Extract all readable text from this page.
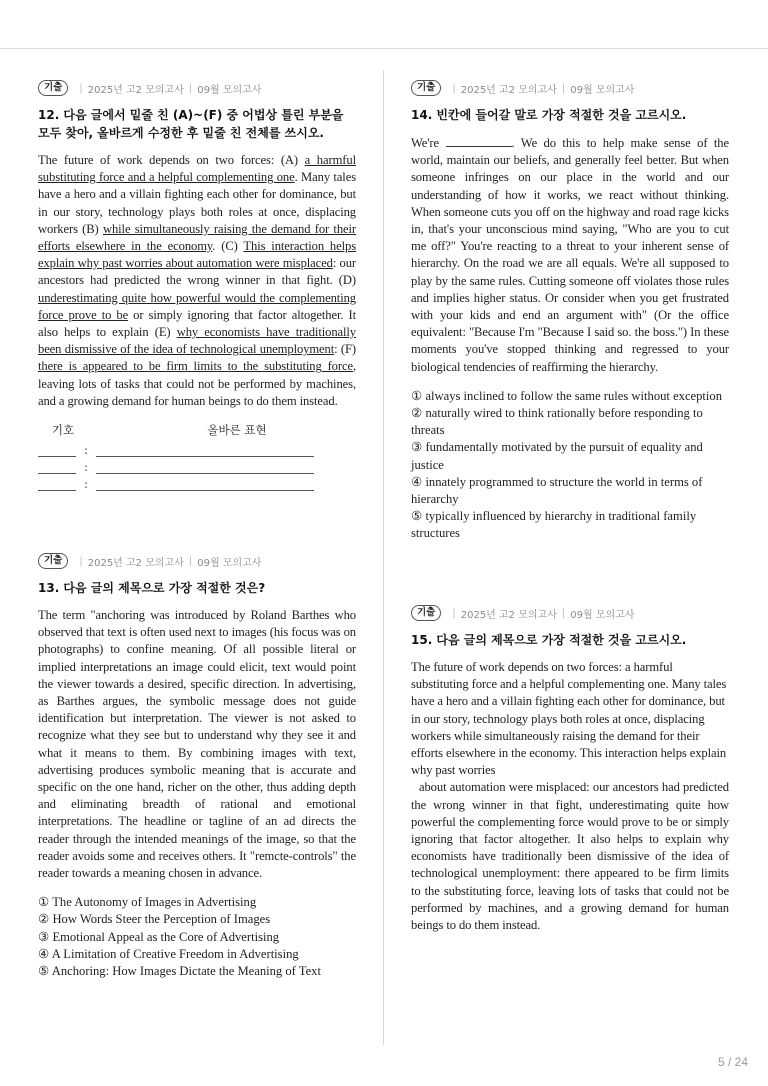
기출	| 2025년 고2 모의고사 | 09월 모의고사
12. 다음 글에서 밑줄 친 (A)~(F) 중 어법상 틀린 부분을 모두 찾아, 올바르게 수정한 후 밑줄 친 전체를 쓰시오.
The future of work depends on two forces: (A) a harmful substituting force and a helpful complementing one. Many tales have a hero and a villain fighting each other for dominance, but in our story, technology plays both roles at once, displacing workers (B) while simultaneously raising the demand for their efforts elsewhere in the economy. (C) This interaction helps explain why past worries about automation were misplaced: our ancestors had predicted the wrong winner in that fight. (D) underestimating quite how powerful would the complementing force prove to be or simply ignoring that factor altogether. It also helps to explain (E) why economists have traditionally been dismissive of the idea of technological unemployment: (F) there is appeared to be firm limits to the substituting force, leaving lots of tasks that could not be performed by machines, and a growing demand for human beings to do them instead.
기호	올바른 표현
:
:
:
기출	| 2025년 고2 모의고사 | 09월 모의고사
13. 다음 글의 제목으로 가장 적절한 것은?
The term "anchoring was introduced by Roland Barthes who observed that text is often used next to images (his focus was on photographs) to confine meaning. Of all possible literal or implied interpretations an image could elicit, text would point the viewer towards a desired, specific direction. In advertising, as Barthes argues, the symbolic message does not guide identification but interpretation. The viewer is not asked to recognize what they see but to understand why they see it and what it means to them. By combining images with text, advertising produces symbolic meaning that is accurate and specific on the one hand, richer on the other, thus adding depth and eliminating breadth of rational and emotional interpretations. The headline or tagline of an ad directs the reader through the intended meanings of the image, so that the reader avoids some and receives others. It "remcte-controls" the reader towards a meaning chosen in advance.
① The Autonomy of Images in Advertising
② How Words Steer the Perception of Images
③ Emotional Appeal as the Core of Advertising
④ A Limitation of Creative Freedom in Advertising
⑤ Anchoring: How Images Dictate the Meaning of Text
기출	| 2025년 고2 모의고사 | 09월 모의고사
14. 빈칸에 들어갈 말로 가장 적절한 것을 고르시오.
We're	. We do this to help make sense of the world, maintain our beliefs, and generally feel better. But when someone infringes on our place in the world and our understanding of how it works, we react without thinking. When someone cuts you off on the highway and road rage kicks in, that's your unconscious mind saying, "Who are you to cut me off?" You're reacting to a threat to your inherent sense of hierarchy. On the road we are all equals. We're all supposed to play by the same rules. Cutting someone off violates those rules and implies higher status. Or consider when you get frustrated with your kids and end an argument with" (Or the office equivalent: "Because I'm "Because I said so. the boss.") In these moments you've stopped thinking and regressed to your biological tendencies of reaffirming the hierarchy.
① always inclined to follow the same rules without exception
② naturally wired to think rationally before responding to threats
③ fundamentally motivated by the pursuit of equality and justice
④ innately programmed to structure the world in terms of hierarchy
⑤ typically influenced by hierarchy in traditional family structures
기출	| 2025년 고2 모의고사 | 09월 모의고사
15. 다음 글의 제목으로 가장 적절한 것을 고르시오.
The future of work depends on two forces: a harmful substituting force and a helpful complementing one. Many tales have a hero and a villain fighting each other for dominance, but in our story, technology plays both roles at once, displacing workers while simultaneously raising the demand for their efforts elsewhere in the economy. This interaction helps explain why past worries
about automation were misplaced: our ancestors had predicted the wrong winner in that fight, underestimating quite how powerful the complementing force would prove to be or simply ignoring that factor altogether. It also helps to explain why economists have traditionally been dismissive of the idea of technological unemployment: there appeared to be firm limits to the substituting force, leaving lots of tasks that could not be performed by machines, and a growing demand for human beings to do them instead.
5 / 24
